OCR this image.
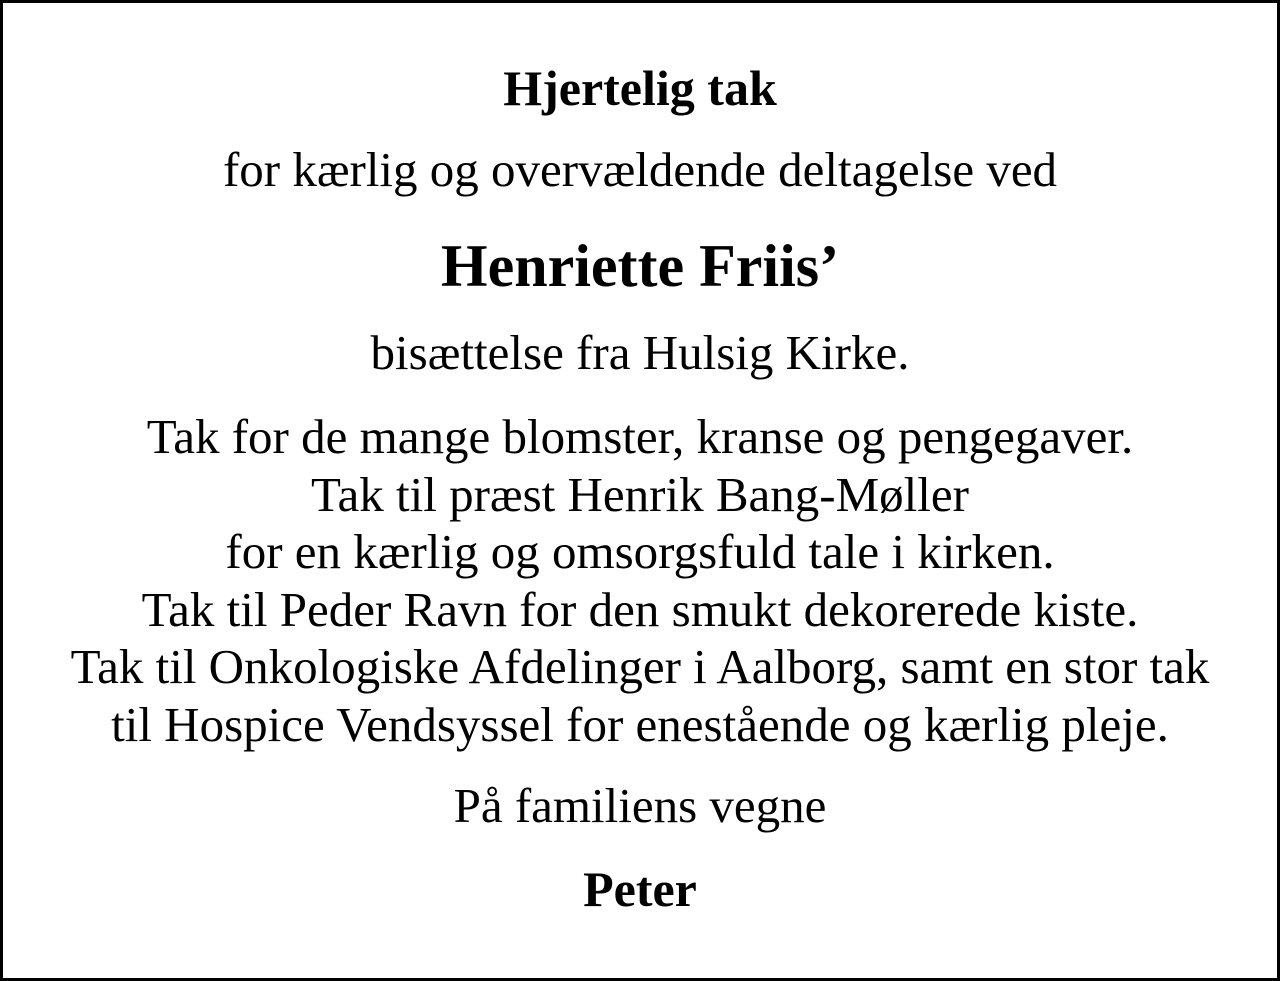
Hjertelig tak

for kærlig og overvældende deltagelse ved

Henriette Friis’

bisættelse fra Hulsig Kirke.

Tak for de mange blomster, kranse og pengegaver.
Tak til præst Henrik Bang-Møller
for en kærlig og omsorgsfuld tale i kirken.
Tak til Peder Ravn for den smukt dekorerede kiste.
Tak til Onkologiske Afdelinger i Aalborg, samt en stor tak
til Hospice Vendsyssel for enestående og kærlig pleje.

På familiens vegne

Peter
